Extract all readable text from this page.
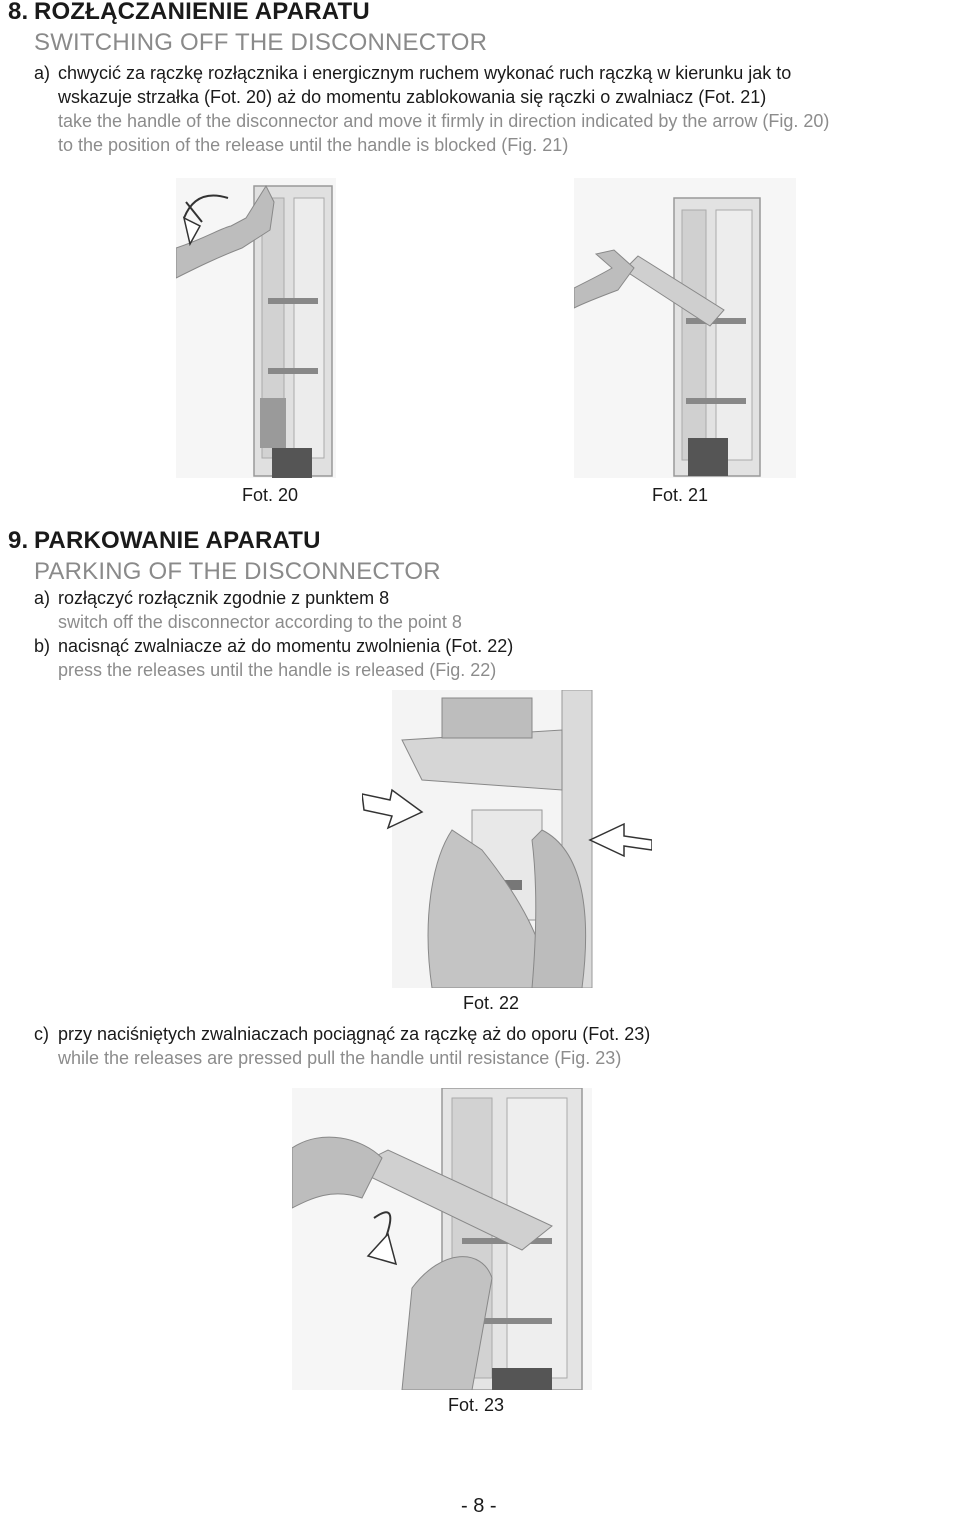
8. ROZŁĄCZANIENIE APARATU
SWITCHING OFF THE DISCONNECTOR
a) chwycić za rączkę rozłącznika i energicznym ruchem wykonać ruch rączką w kierunku jak to
wskazuje strzałka (Fot. 20) aż do momentu zablokowania się rączki o zwalniacz (Fot. 21)
take the handle of the disconnector and move it firmly in direction indicated by the arrow (Fig. 20)
to the position of the release until the handle is blocked (Fig. 21)
Fot. 20	Fot. 21
9. PARKOWANIE APARATU
PARKING OF THE DISCONNECTOR
a) rozłączyć rozłącznik zgodnie z punktem 8
switch off the disconnector according to the point 8
b) nacisnąć zwalniacze aż do momentu zwolnienia (Fot. 22)
press the releases until the handle is released (Fig. 22)
Fot. 22
c) przy naciśniętych zwalniaczach pociągnąć za rączkę aż do oporu (Fot. 23)
while the releases are pressed pull the handle until resistance (Fig. 23)
Fot. 23
- 8 -
